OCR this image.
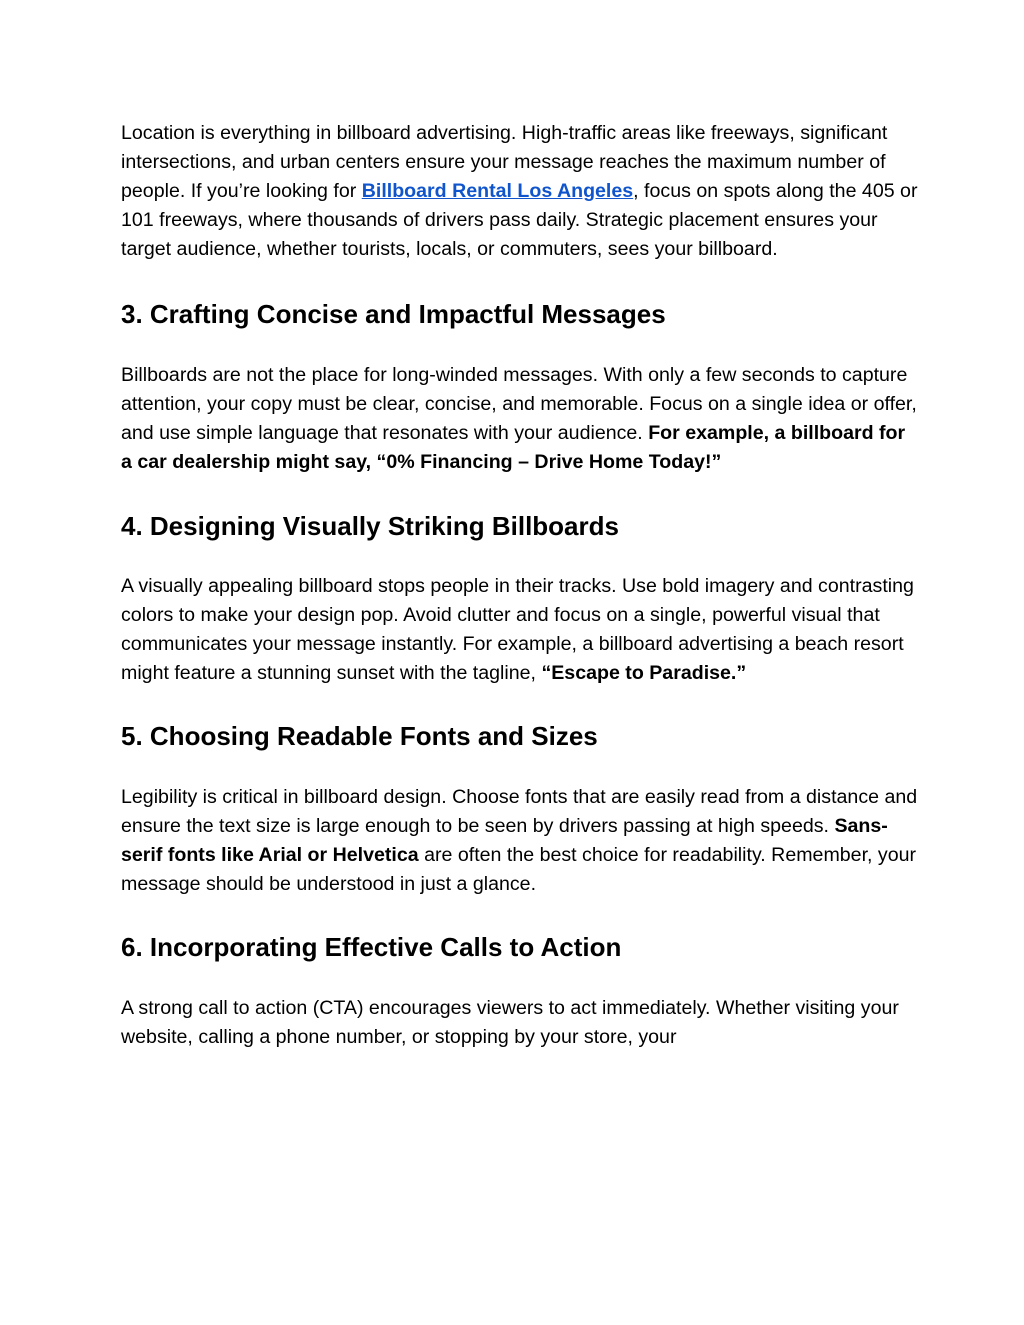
Location is everything in billboard advertising. High-traffic areas like freeways, significant intersections, and urban centers ensure your message reaches the maximum number of people. If you’re looking for Billboard Rental Los Angeles, focus on spots along the 405 or 101 freeways, where thousands of drivers pass daily. Strategic placement ensures your target audience, whether tourists, locals, or commuters, sees your billboard.

3. Crafting Concise and Impactful Messages

Billboards are not the place for long-winded messages. With only a few seconds to capture attention, your copy must be clear, concise, and memorable. Focus on a single idea or offer, and use simple language that resonates with your audience. For example, a billboard for a car dealership might say, “0% Financing – Drive Home Today!”

4. Designing Visually Striking Billboards

A visually appealing billboard stops people in their tracks. Use bold imagery and contrasting colors to make your design pop. Avoid clutter and focus on a single, powerful visual that communicates your message instantly. For example, a billboard advertising a beach resort might feature a stunning sunset with the tagline, “Escape to Paradise.”

5. Choosing Readable Fonts and Sizes

Legibility is critical in billboard design. Choose fonts that are easily read from a distance and ensure the text size is large enough to be seen by drivers passing at high speeds. Sans-serif fonts like Arial or Helvetica are often the best choice for readability. Remember, your message should be understood in just a glance.

6. Incorporating Effective Calls to Action

A strong call to action (CTA) encourages viewers to act immediately. Whether visiting your website, calling a phone number, or stopping by your store, your
